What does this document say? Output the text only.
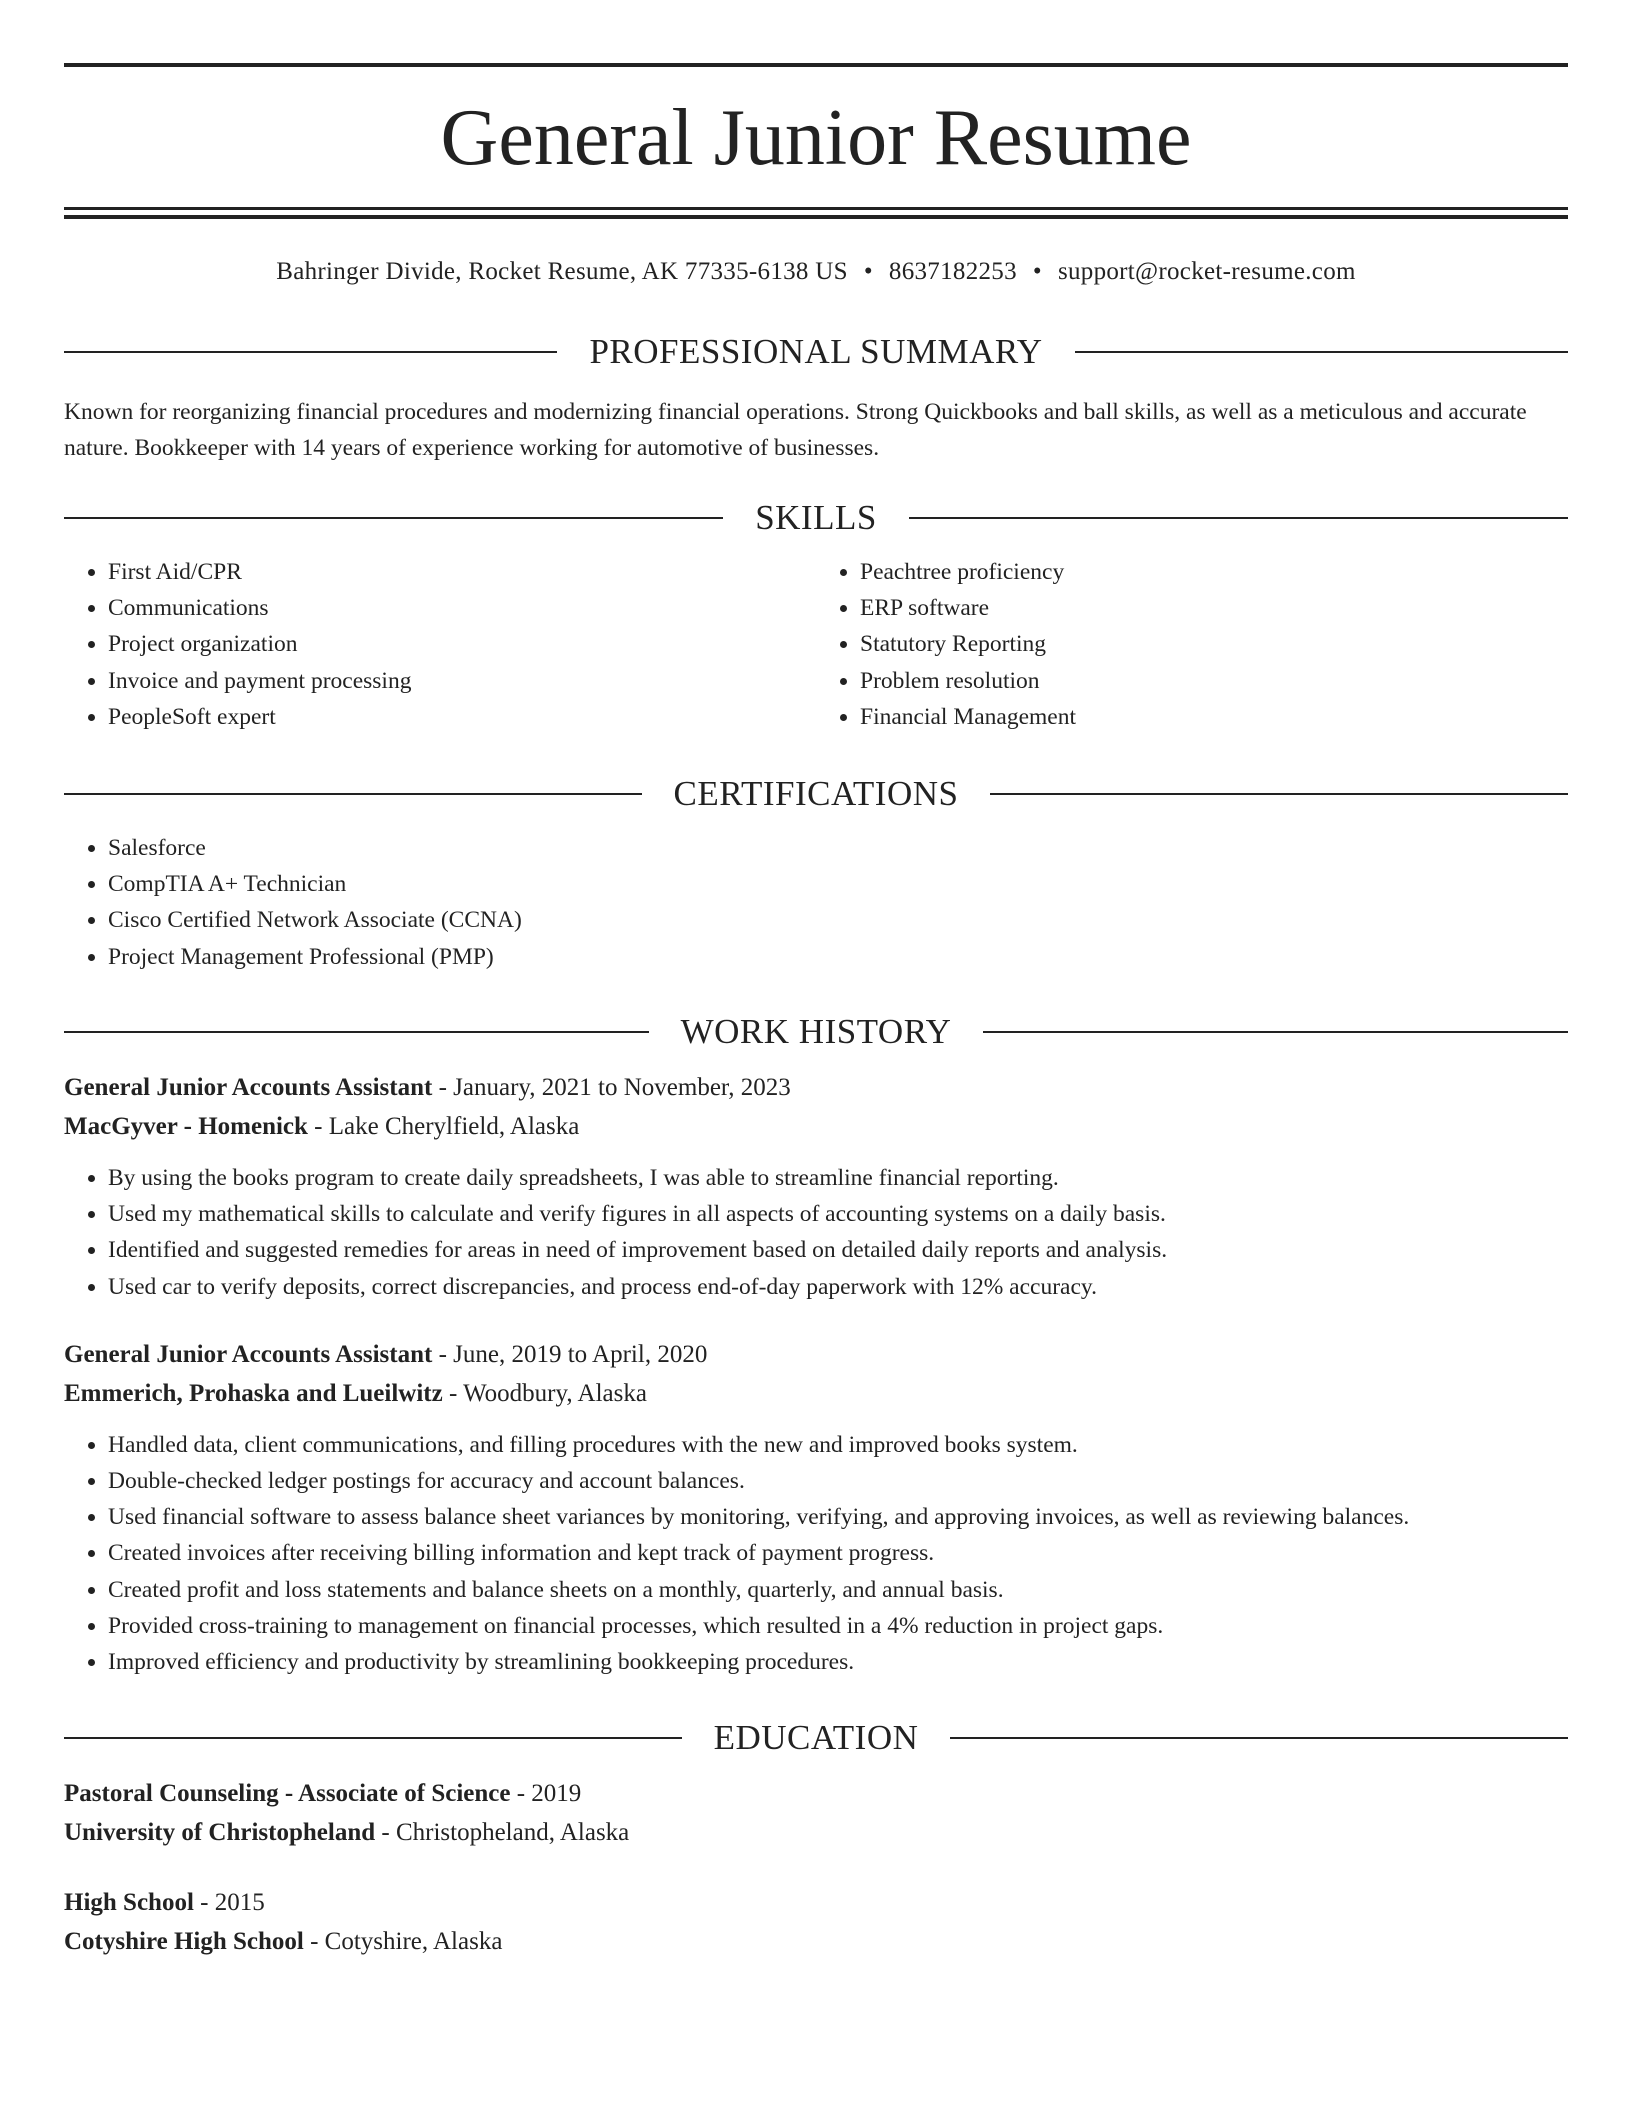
General Junior Resume
Bahringer Divide, Rocket Resume, AK 77335-6138 US • 8637182253 • support@rocket-resume.com
PROFESSIONAL SUMMARY

Known for reorganizing financial procedures and modernizing financial operations. Strong Quickbooks and ball skills, as well as a meticulous and accurate nature. Bookkeeper with 14 years of experience working for automotive of businesses.

SKILLS
• First Aid/CPR
• Communications
• Project organization
• Invoice and payment processing
• PeopleSoft expert
• Peachtree proficiency
• ERP software
• Statutory Reporting
• Problem resolution
• Financial Management
CERTIFICATIONS
• Salesforce
• CompTIA A+ Technician
• Cisco Certified Network Associate (CCNA)
• Project Management Professional (PMP)
WORK HISTORY
General Junior Accounts Assistant - January, 2021 to November, 2023
MacGyver - Homenick - Lake Cherylfield, Alaska
• By using the books program to create daily spreadsheets, I was able to streamline financial reporting.
• Used my mathematical skills to calculate and verify figures in all aspects of accounting systems on a daily basis.
• Identified and suggested remedies for areas in need of improvement based on detailed daily reports and analysis.
• Used car to verify deposits, correct discrepancies, and process end-of-day paperwork with 12% accuracy.
General Junior Accounts Assistant - June, 2019 to April, 2020
Emmerich, Prohaska and Lueilwitz - Woodbury, Alaska
• Handled data, client communications, and filling procedures with the new and improved books system.
• Double-checked ledger postings for accuracy and account balances.
• Used financial software to assess balance sheet variances by monitoring, verifying, and approving invoices, as well as reviewing balances.
• Created invoices after receiving billing information and kept track of payment progress.
• Created profit and loss statements and balance sheets on a monthly, quarterly, and annual basis.
• Provided cross-training to management on financial processes, which resulted in a 4% reduction in project gaps.
• Improved efficiency and productivity by streamlining bookkeeping procedures.
EDUCATION
Pastoral Counseling - Associate of Science - 2019
University of Christopheland - Christopheland, Alaska
High School - 2015
Cotyshire High School - Cotyshire, Alaska
